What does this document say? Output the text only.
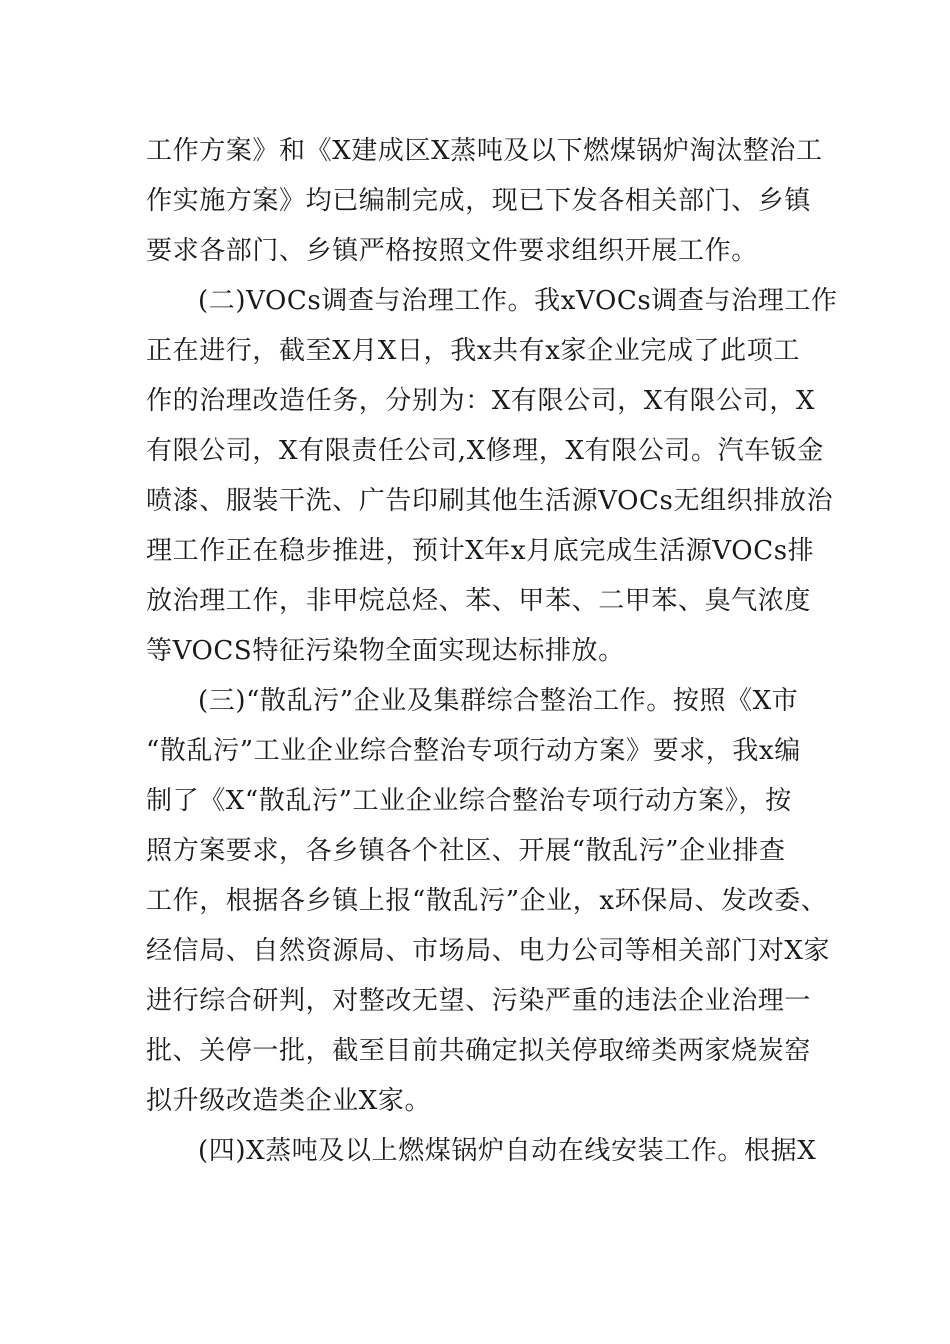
工作方案》和《X建成区X蒸吨及以下燃煤锅炉淘汰整治工
作实施方案》均已编制完成，现已下发各相关部门、乡镇
要求各部门、乡镇严格按照文件要求组织开展工作。
(二)VOCs调查与治理工作。我xVOCs调查与治理工作
正在进行，截至X月X日，我x共有x家企业完成了此项工
作的治理改造任务，分别为：X有限公司，X有限公司，X
有限公司，X有限责任公司,X修理，X有限公司。汽车钣金
喷漆、服装干洗、广告印刷其他生活源VOCs无组织排放治
理工作正在稳步推进，预计X年x月底完成生活源VOCs排
放治理工作，非甲烷总烃、苯、甲苯、二甲苯、臭气浓度
等VOCS特征污染物全面实现达标排放。
(三)“散乱污”企业及集群综合整治工作。按照《X市
“散乱污”工业企业综合整治专项行动方案》要求，我x编
制了《X“散乱污”工业企业综合整治专项行动方案》，按
照方案要求，各乡镇各个社区、开展“散乱污”企业排查
工作，根据各乡镇上报“散乱污”企业，x环保局、发改委、
经信局、自然资源局、市场局、电力公司等相关部门对X家
进行综合研判，对整改无望、污染严重的违法企业治理一
批、关停一批，截至目前共确定拟关停取缔类两家烧炭窑
拟升级改造类企业X家。
(四)X蒸吨及以上燃煤锅炉自动在线安装工作。根据X
